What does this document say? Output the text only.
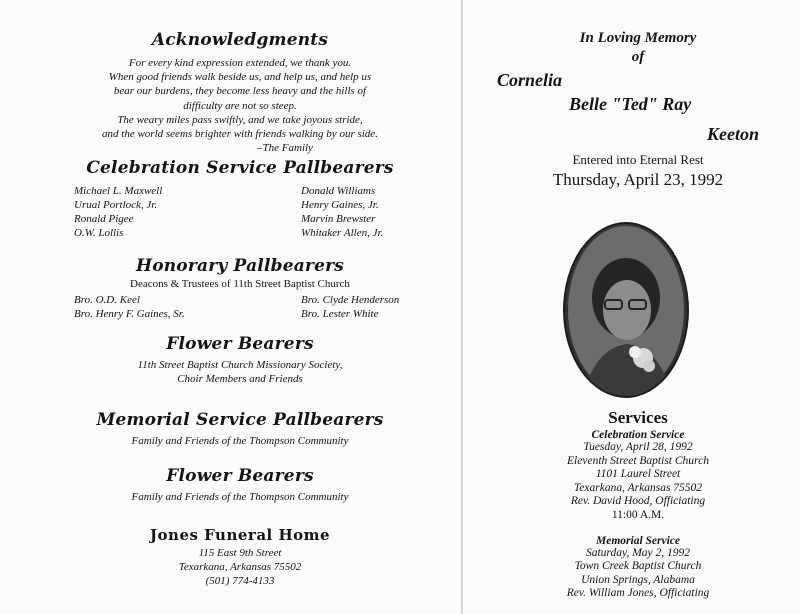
Acknowledgments
For every kind expression extended, we thank you.
When good friends walk beside us, and help us, and help us
bear our burdens, they become less heavy and the hills of
difficulty are not so steep.
The weary miles pass swiftly, and we take joyous stride,
and the world seems brighter with friends walking by our side.
–The Family
Celebration Service Pallbearers
Michael L. Maxwell
Urual Portlock, Jr.
Ronald Pigee
O.W. Lollis
Donald Williams
Henry Gaines, Jr.
Marvin Brewster
Whitaker Allen, Jr.
Honorary Pallbearers
Deacons & Trustees of 11th Street Baptist Church
Bro. O.D. Keel
Bro. Henry F. Gaines, Sr.
Bro. Clyde Henderson
Bro. Lester White
Flower Bearers
11th Street Baptist Church Missionary Society,
Choir Members and Friends
Memorial Service Pallbearers
Family and Friends of the Thompson Community
Flower Bearers
Family and Friends of the Thompson Community
Jones Funeral Home
115 East 9th Street
Texarkana, Arkansas 75502
(501) 774-4133
In Loving Memory
of
Cornelia
Belle "Ted" Ray
Keeton
Entered into Eternal Rest
Thursday, April 23, 1992
Services
Celebration Service
Tuesday, April 28, 1992
Eleventh Street Baptist Church
1101 Laurel Street
Texarkana, Arkansas 75502
Rev. David Hood, Officiating
11:00 A.M.
Memorial Service
Saturday, May 2, 1992
Town Creek Baptist Church
Union Springs, Alabama
Rev. William Jones, Officiating
